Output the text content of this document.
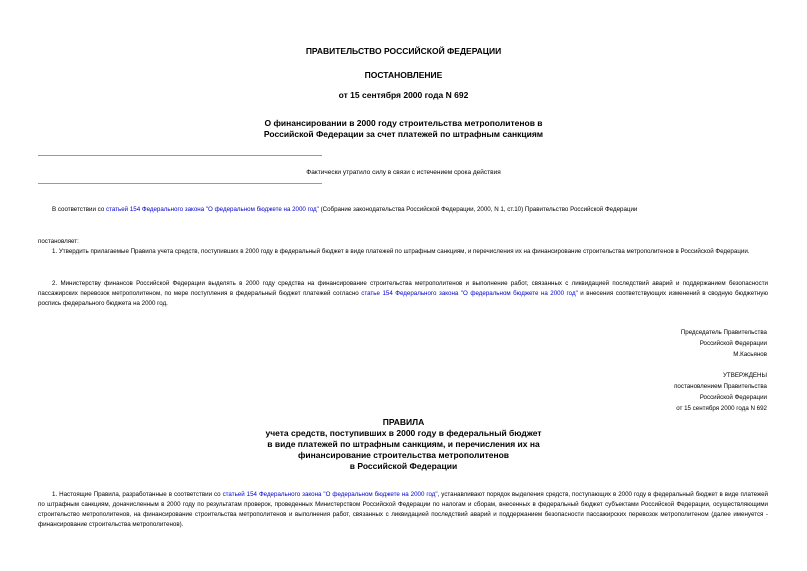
ПРАВИТЕЛЬСТВО РОССИЙСКОЙ ФЕДЕРАЦИИ
ПОСТАНОВЛЕНИЕ
от 15 сентября 2000 года N 692
О финансировании в 2000 году строительства метрополитенов в
Российской Федерации за счет платежей по штрафным санкциям
Фактически утратило силу в связи с истечением срока действия
В соответствии со статьей 154 Федерального закона "О федеральном бюджете на 2000 год" (Собрание законодательства Российской Федерации, 2000, N 1, ст.10) Правительство Российской Федерации
постановляет:
1. Утвердить прилагаемые Правила учета средств, поступивших в 2000 году в федеральный бюджет в виде платежей по штрафным санкциям, и перечисления их на финансирование строительства метрополитенов в Российской Федерации.
2. Министерству финансов Российской Федерации выделять в 2000 году средства на финансирование строительства метрополитенов и выполнение работ, связанных с ликвидацией последствий аварий и поддержанием безопасности пассажирских перевозок метрополитеном, по мере поступления в федеральный бюджет платежей согласно статье 154 Федерального закона "О федеральном бюджете на 2000 год" и внесения соответствующих изменений в сводную бюджетную роспись федерального бюджета на 2000 год.
Председатель Правительства
Российской Федерации
М.Касьянов
УТВЕРЖДЕНЫ
постановлением Правительства
Российской Федерации
от 15 сентября 2000 года N 692
ПРАВИЛА
учета средств, поступивших в 2000 году в федеральный бюджет
в виде платежей по штрафным санкциям, и перечисления их на
финансирование строительства метрополитенов
в Российской Федерации
1. Настоящие Правила, разработанные в соответствии со статьей 154 Федерального закона "О федеральном бюджете на 2000 год", устанавливают порядок выделения средств, поступающих в 2000 году в федеральный бюджет в виде платежей по штрафным санкциям, доначисленным в 2000 году по результатам проверок, проведенных Министерством Российской Федерации по налогам и сборам, внесенных в федеральный бюджет субъектами Российской Федерации, осуществляющими строительство метрополитенов, на финансирование строительства метрополитенов и выполнения работ, связанных с ликвидацией последствий аварий и поддержанием безопасности пассажирских перевозок метрополитеном (далее именуется - финансирование строительства метрополитенов).
